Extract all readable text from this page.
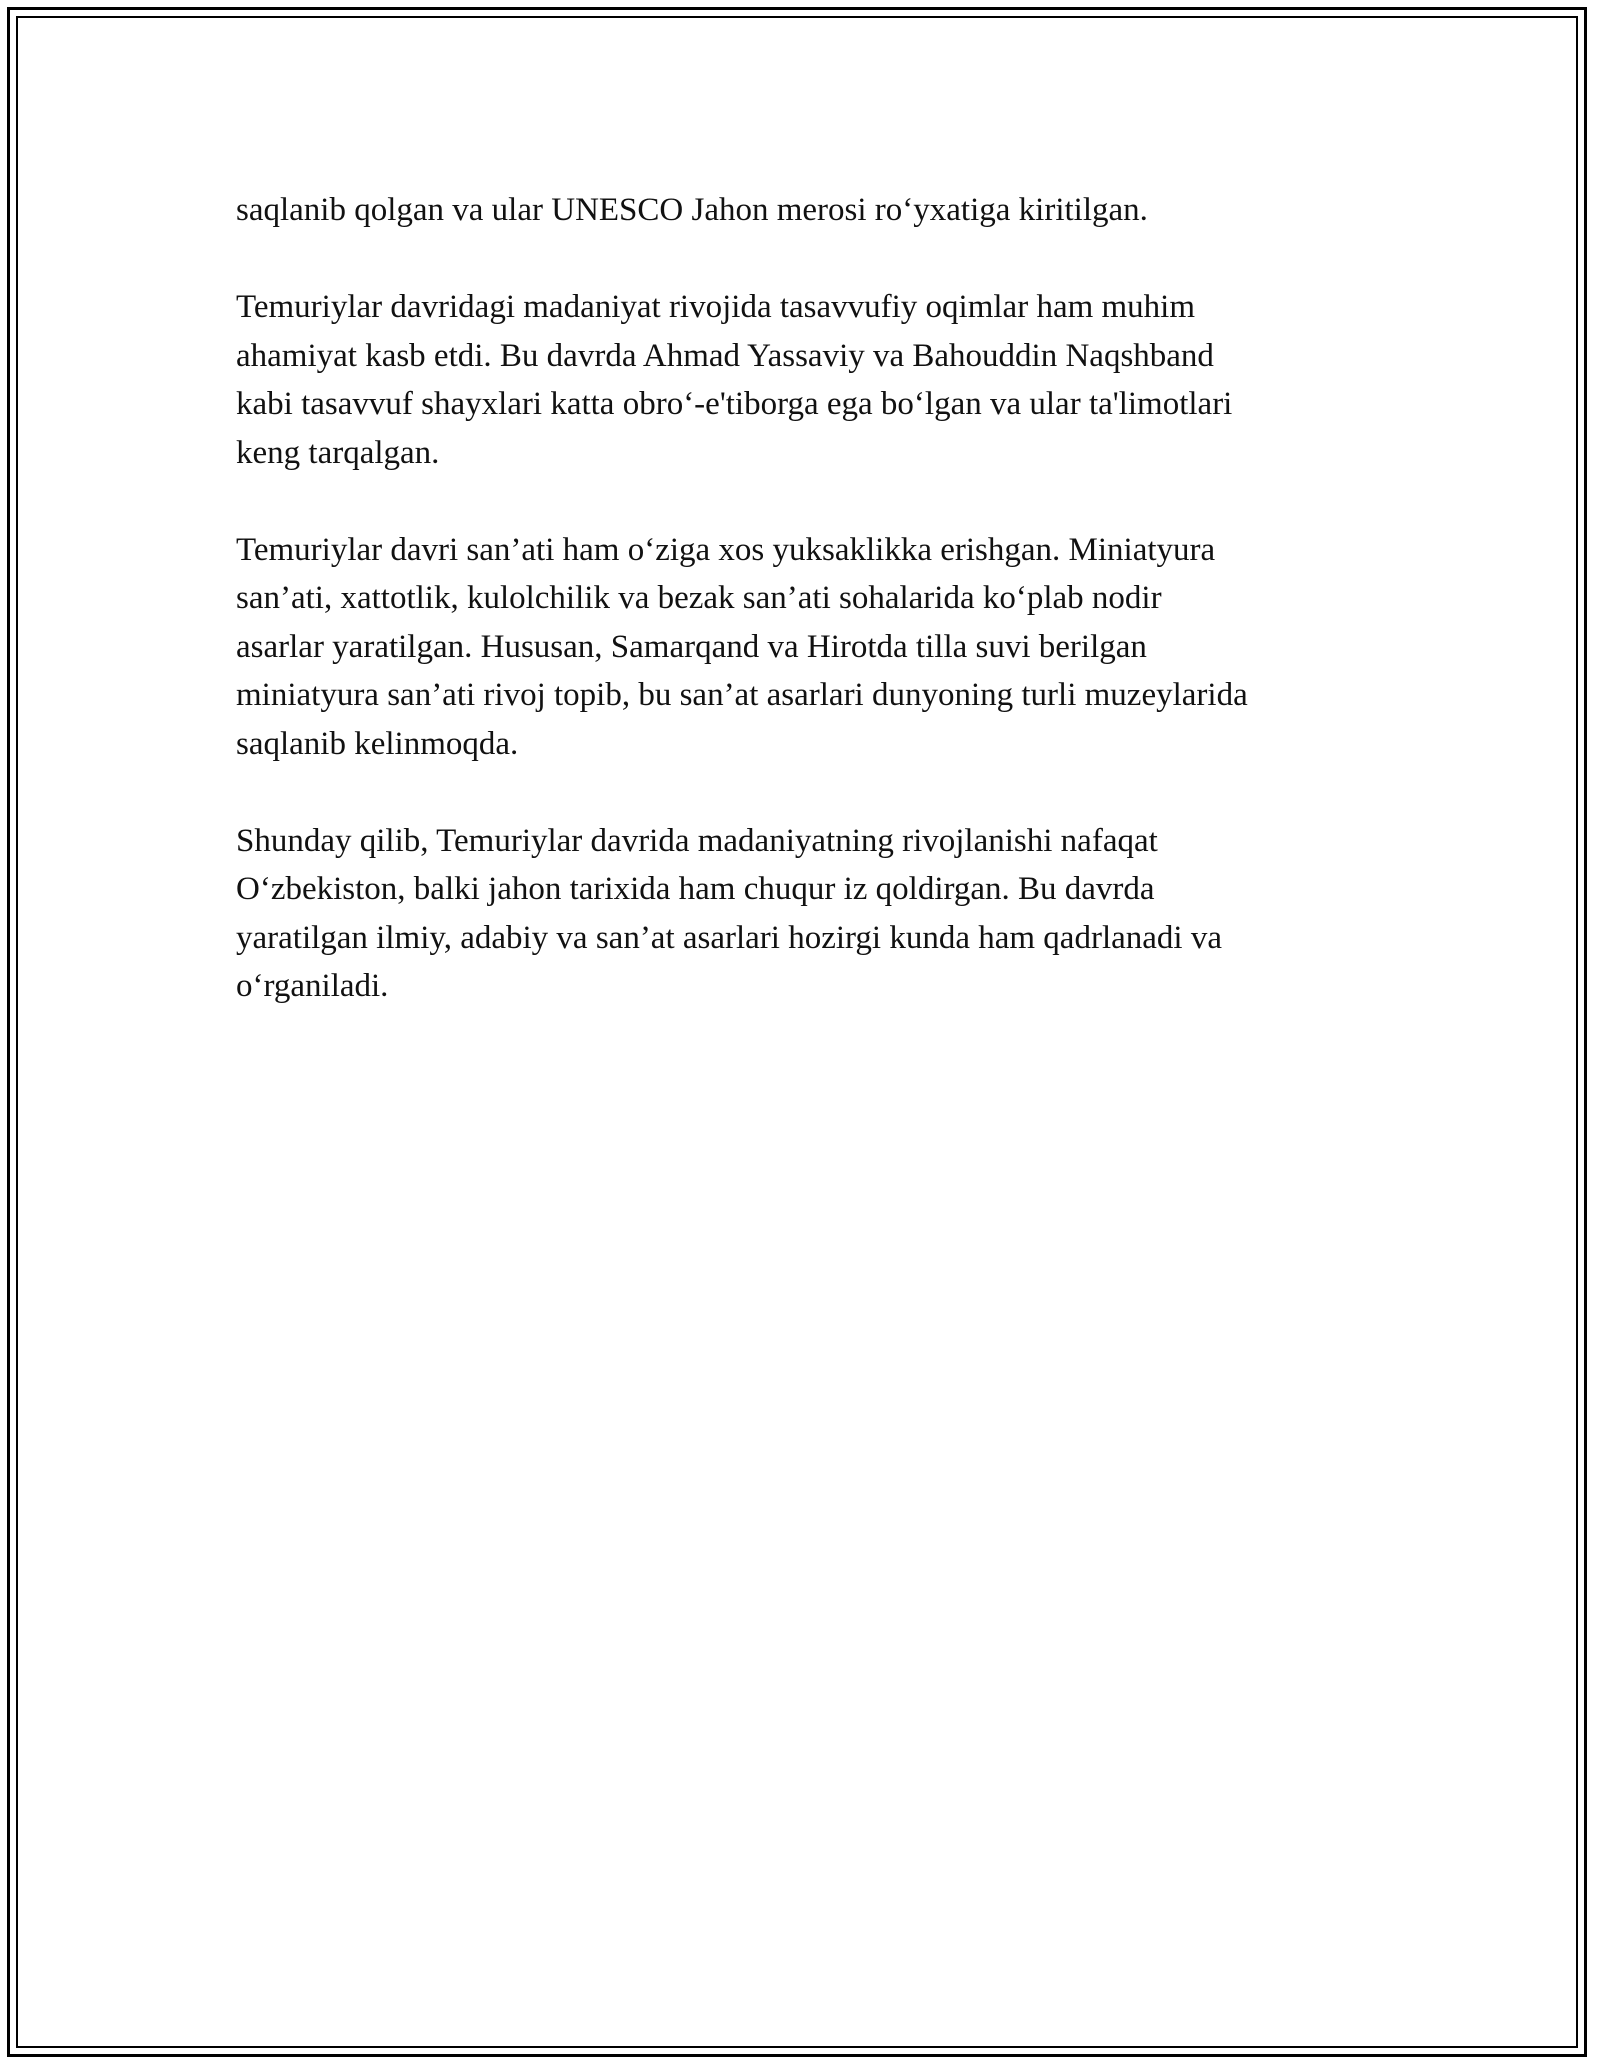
saqlanib qolgan va ular UNESCO Jahon merosi ro‘yxatiga kiritilgan.

Temuriylar davridagi madaniyat rivojida tasavvufiy oqimlar ham muhim
ahamiyat kasb etdi. Bu davrda Ahmad Yassaviy va Bahouddin Naqshband
kabi tasavvuf shayxlari katta obro‘-e'tiborga ega bo‘lgan va ular ta'limotlari
keng tarqalgan.

Temuriylar davri san’ati ham o‘ziga xos yuksaklikka erishgan. Miniatyura
san’ati, xattotlik, kulolchilik va bezak san’ati sohalarida ko‘plab nodir
asarlar yaratilgan. Hususan, Samarqand va Hirotda tilla suvi berilgan
miniatyura san’ati rivoj topib, bu san’at asarlari dunyoning turli muzeylarida
saqlanib kelinmoqda.

Shunday qilib, Temuriylar davrida madaniyatning rivojlanishi nafaqat
O‘zbekiston, balki jahon tarixida ham chuqur iz qoldirgan. Bu davrda
yaratilgan ilmiy, adabiy va san’at asarlari hozirgi kunda ham qadrlanadi va
o‘rganiladi.
